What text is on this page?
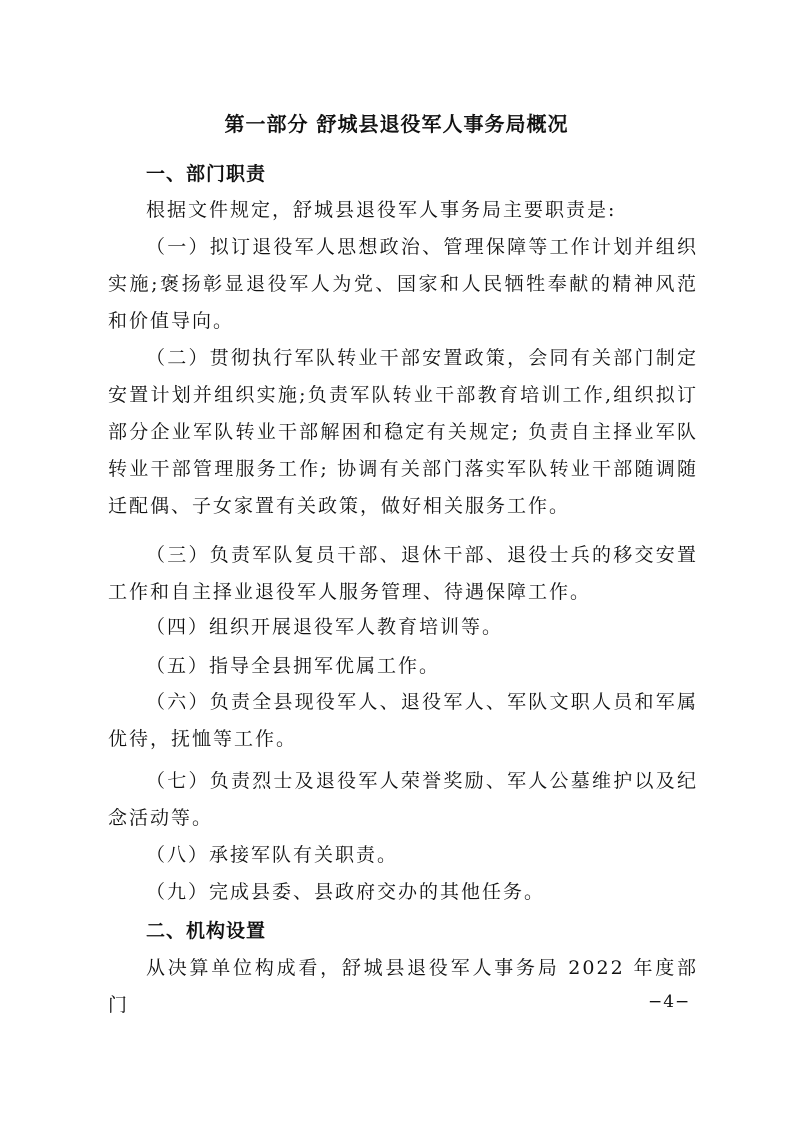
第一部分 舒城县退役军人事务局概况
一、部门职责
根据文件规定，舒城县退役军人事务局主要职责是:
（一）拟订退役军人思想政治、管理保障等工作计划并组织实施;褒扬彰显退役军人为党、国家和人民牺牲奉献的精神风范和价值导向。
（二）贯彻执行军队转业干部安置政策，会同有关部门制定安置计划并组织实施;负责军队转业干部教育培训工作,组织拟订部分企业军队转业干部解困和稳定有关规定; 负责自主择业军队转业干部管理服务工作; 协调有关部门落实军队转业干部随调随迁配偶、子女家置有关政策，做好相关服务工作。
（三）负责军队复员干部、退休干部、退役士兵的移交安置工作和自主择业退役军人服务管理、待遇保障工作。
（四）组织开展退役军人教育培训等。
（五）指导全县拥军优属工作。
（六）负责全县现役军人、退役军人、军队文职人员和军属优待，抚恤等工作。
（七）负责烈士及退役军人荣誉奖励、军人公墓维护以及纪念活动等。
（八）承接军队有关职责。
（九）完成县委、县政府交办的其他任务。
二、机构设置
从决算单位构成看，舒城县退役军人事务局 2022 年度部门	−4−
